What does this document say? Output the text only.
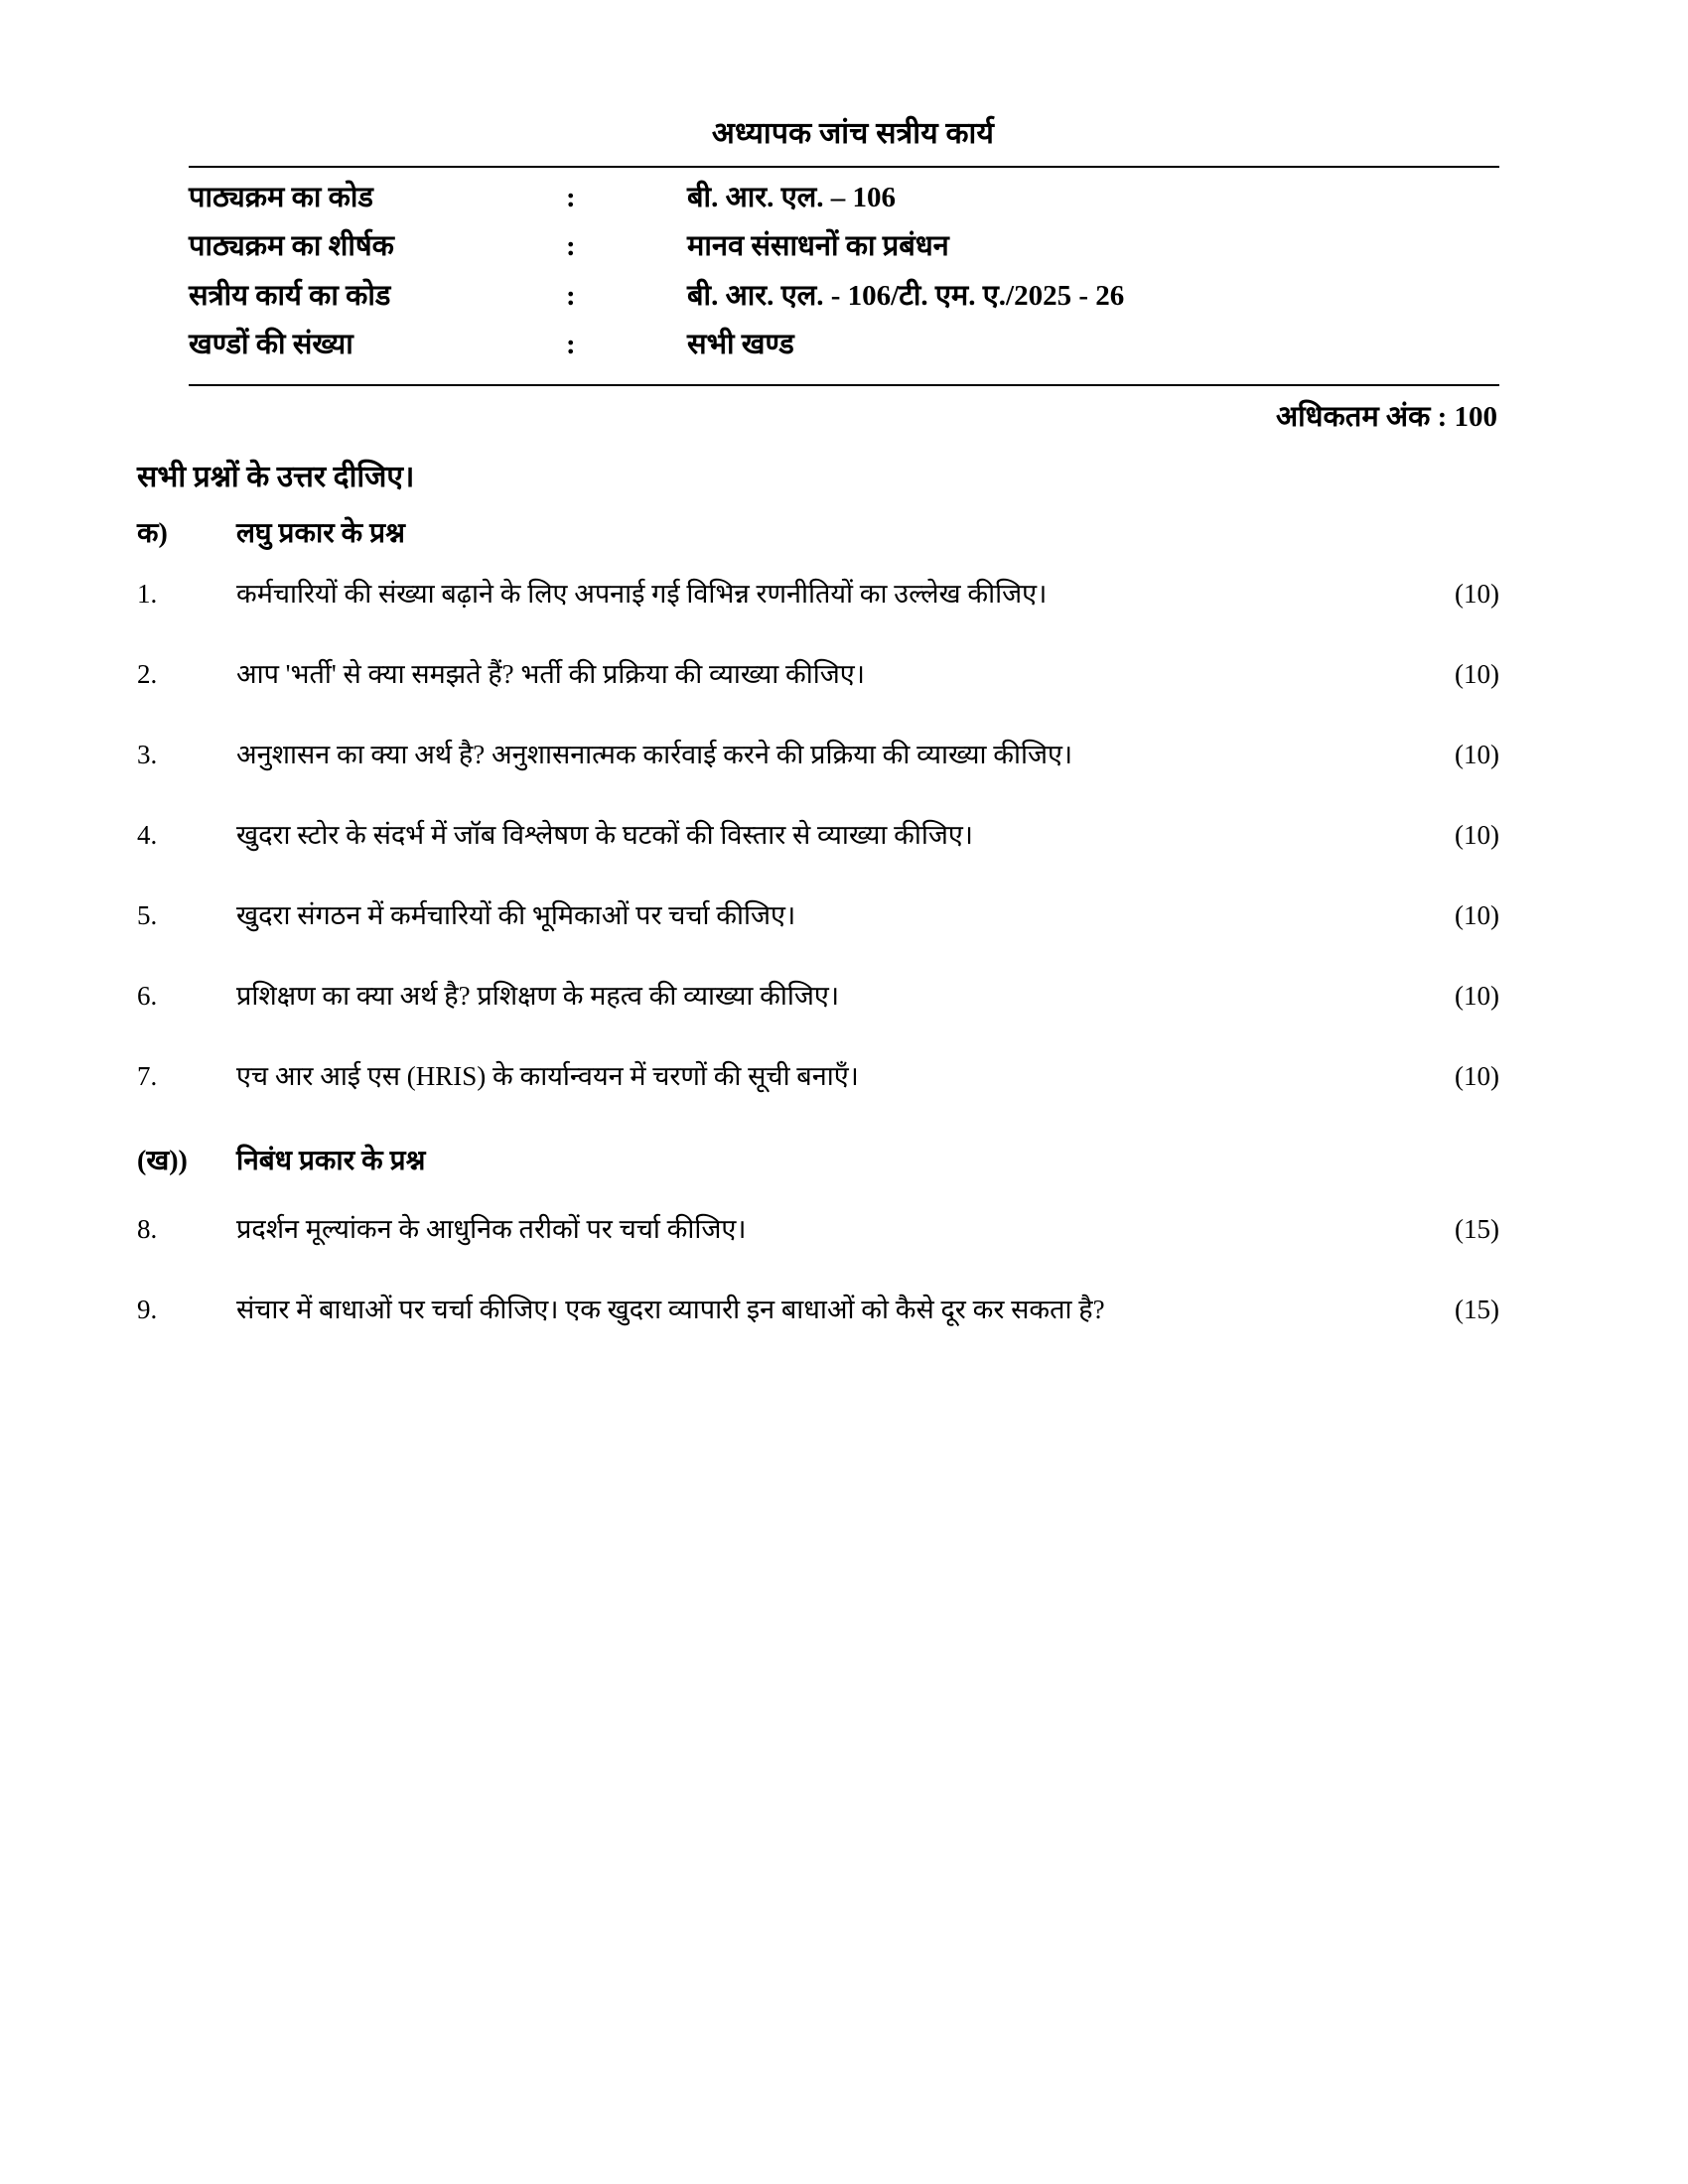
अध्यापक जांच सत्रीय कार्य
पाठ्यक्रम का कोड	:	बी. आर. एल. – 106
पाठ्यक्रम का शीर्षक	:	मानव संसाधनों का प्रबंधन
सत्रीय कार्य का कोड	:	बी. आर. एल. - 106/टी. एम. ए./2025 - 26
खण्डों की संख्या	:	सभी खण्ड
अधिकतम अंक : 100
सभी प्रश्नों के उत्तर दीजिए।
क)	लघु प्रकार के प्रश्न
1.	कर्मचारियों की संख्या बढ़ाने के लिए अपनाई गई विभिन्न रणनीतियों का उल्लेख कीजिए।	(10)
2.	आप 'भर्ती' से क्या समझते हैं? भर्ती की प्रक्रिया की व्याख्या कीजिए।	(10)
3.	अनुशासन का क्या अर्थ है? अनुशासनात्मक कार्रवाई करने की प्रक्रिया की व्याख्या कीजिए।	(10)
4.	खुदरा स्टोर के संदर्भ में जॉब विश्लेषण के घटकों की विस्तार से व्याख्या कीजिए।	(10)
5.	खुदरा संगठन में कर्मचारियों की भूमिकाओं पर चर्चा कीजिए।	(10)
6.	प्रशिक्षण का क्या अर्थ है? प्रशिक्षण के महत्व की व्याख्या कीजिए।	(10)
7.	एच आर आई एस (HRIS) के कार्यान्वयन में चरणों की सूची बनाएँ।	(10)
(ख))	निबंध प्रकार के प्रश्न
8.	प्रदर्शन मूल्यांकन के आधुनिक तरीकों पर चर्चा कीजिए।	(15)
9.	संचार में बाधाओं पर चर्चा कीजिए। एक खुदरा व्यापारी इन बाधाओं को कैसे दूर कर सकता है?	(15)
